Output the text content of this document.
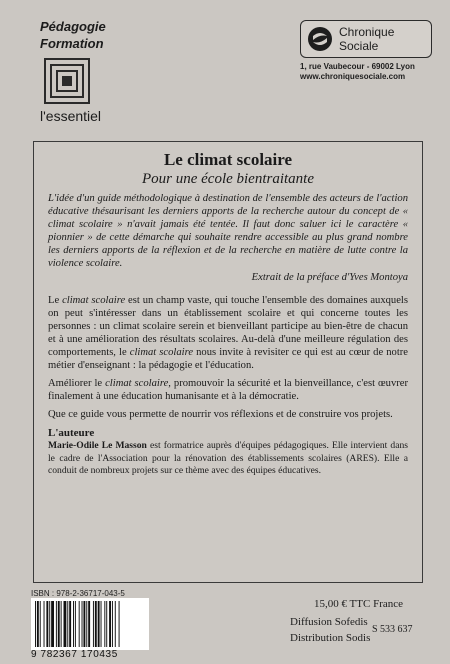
Pédagogie
Formation
l'essentiel
Chronique
Sociale
1, rue Vaubecour - 69002 Lyon
www.chroniquesociale.com
Le climat scolaire
Pour une école bientraitante
L'idée d'un guide méthodologique à destination de l'ensemble des acteurs de l'action éducative thésaurisant les derniers apports de la recherche autour du concept de « climat scolaire » n'avait jamais été tentée. Il faut donc saluer ici le caractère « pionnier » de cette démarche qui souhaite rendre accessible au plus grand nombre les derniers apports de la réflexion et de la recherche en matière de lutte contre la violence scolaire.
Extrait de la préface d'Yves Montoya

Le climat scolaire est un champ vaste, qui touche l'ensemble des domaines auxquels on peut s'intéresser dans un établissement scolaire et qui concerne toutes les personnes : un climat scolaire serein et bienveillant participe au bien-être de chacun et à une amélioration des résultats scolaires. Au-delà d'une meilleure régulation des comportements, le climat scolaire nous invite à revisiter ce qui est au cœur de notre métier d'enseignant : la pédagogie et l'éducation.

Améliorer le climat scolaire, promouvoir la sécurité et la bienveillance, c'est œuvrer finalement à une éducation humanisante et à la démocratie.

Que ce guide vous permette de nourrir vos réflexions et de construire vos projets.

L'auteure

Marie-Odile Le Masson est formatrice auprès d'équipes pédagogiques. Elle intervient dans le cadre de l'Association pour la rénovation des établissements scolaires (ARES). Elle a conduit de nombreux projets sur ce thème avec des équipes éducatives.

ISBN : 978-2-36717-043-5
9 782367 170435
15,00 € TTC France
Diffusion Sofedis
Distribution Sodis
S 533 637
